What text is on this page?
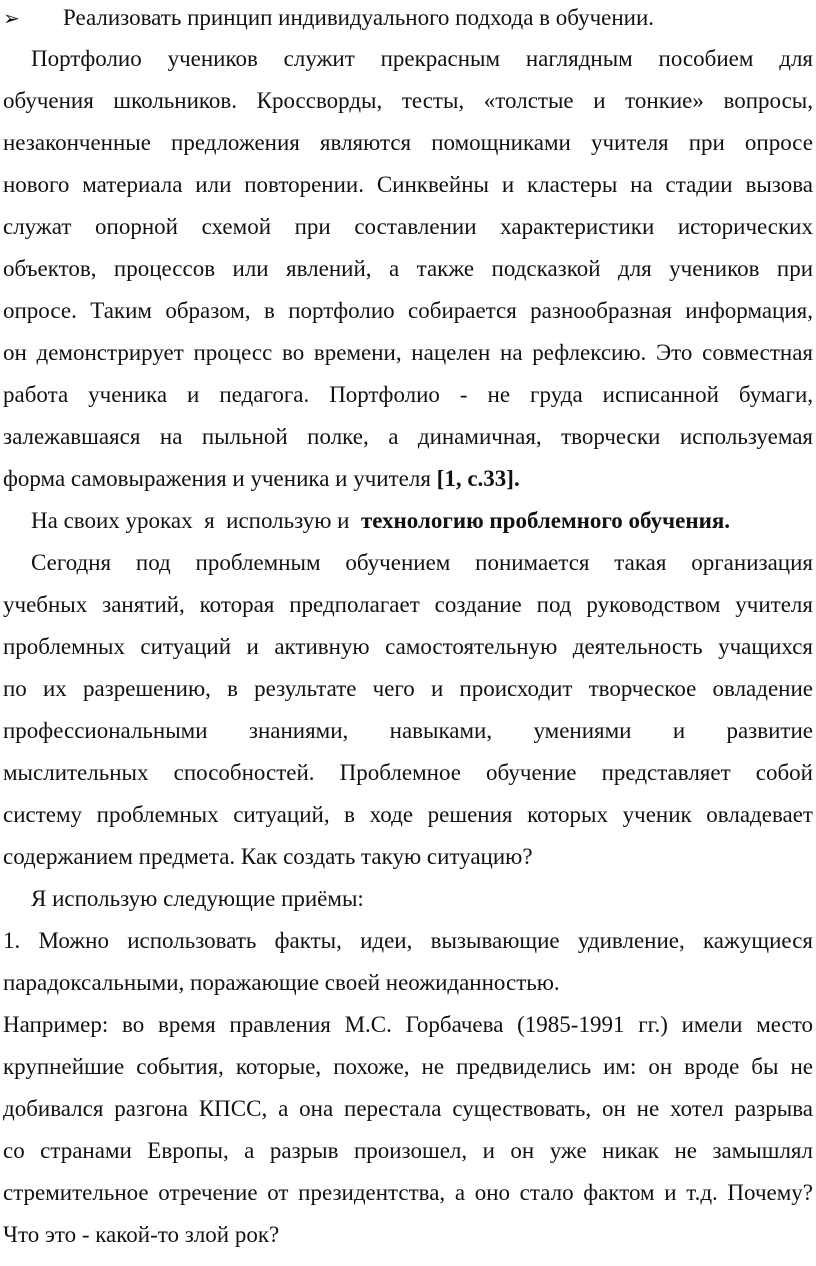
➢ Реализовать принцип индивидуального подхода в обучении.
Портфолио учеников служит прекрасным наглядным пособием для
обучения школьников. Кроссворды, тесты, «толстые и тонкие» вопросы,
незаконченные предложения являются помощниками учителя при опросе
нового материала или повторении. Синквейны и кластеры на стадии вызова
служат опорной схемой при составлении характеристики исторических
объектов, процессов или явлений, а также подсказкой для учеников при
опросе. Таким образом, в портфолио собирается разнообразная информация,
он демонстрирует процесс во времени, нацелен на рефлексию. Это совместная
работа ученика и педагога. Портфолио - не груда исписанной бумаги,
залежавшаяся на пыльной полке, а динамичная, творчески используемая
форма самовыражения и ученика и учителя [1, с.33].
На своих уроках  я  использую и  технологию проблемного обучения.
Сегодня под проблемным обучением понимается такая организация
учебных занятий, которая предполагает создание под руководством учителя
проблемных ситуаций и активную самостоятельную деятельность учащихся
по их разрешению, в результате чего и происходит творческое овладение
профессиональными знаниями, навыками, умениями и развитие
мыслительных способностей. Проблемное обучение представляет собой
систему проблемных ситуаций, в ходе решения которых ученик овладевает
содержанием предмета. Как создать такую ситуацию?
Я использую следующие приёмы:
1. Можно использовать факты, идеи, вызывающие удивление, кажущиеся
парадоксальными, поражающие своей неожиданностью.
Например: во время правления М.С. Горбачева (1985-1991 гг.) имели место
крупнейшие события, которые, похоже, не предвиделись им: он вроде бы не
добивался разгона КПСС, а она перестала существовать, он не хотел разрыва
со странами Европы, а разрыв произошел, и он уже никак не замышлял
стремительное отречение от президентства, а оно стало фактом и т.д. Почему?
Что это - какой-то злой рок?
